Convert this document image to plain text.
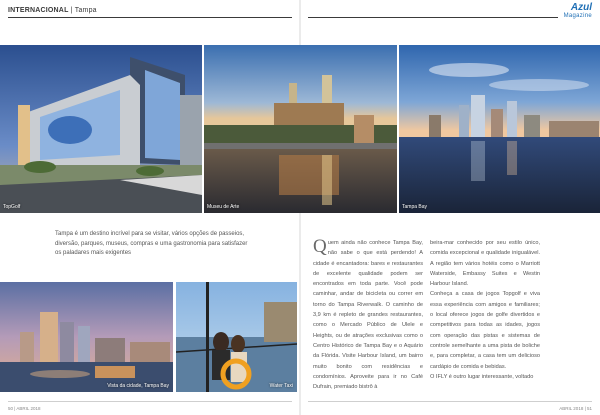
INTERNACIONAL | Tampa	Azul
Magazine
TopGolf	Museu de Arte	Tampa Bay
Tampa é um destino incrível para se visitar, vários opções de passeios, diversão, parques, museus, compras e uma gastronomia para satisfazer os paladares mais exigentes
Vista da cidade, Tampa Bay	Water Taxi
Quem ainda não conhece Tampa Bay, não sabe o que está perdendo! A cidade é encantadora: bares e restaurantes de excelente qualidade podem ser encontrados em toda parte. Você pode caminhar, andar de bicicleta ou correr em torno do Tampa Riverwalk. O caminho de 3,9 km é repleto de grandes restaurantes, como o Mercado Público de Ulele e Heights, ou de atrações exclusivas como o Centro Histórico de Tampa Bay e o Aquário da Flórida. Visite Harbour Island, um bairro muito bonito com residências e condomínios. Aproveite para ir no Café Dufrain, premiado bistrô à
beira-mar conhecido por seu estilo único, comida excepcional e qualidade inigualável. A região tem vários hotéis como o Marriott Waterside, Embassy Suites e Westin Harbour Island.
Conheça a casa de jogos Topgolf e viva essa experiência com amigos e familiares; o local oferece jogos de golfe divertidos e competitivos para todas as idades, jogos com operação das pistas e sistemas de controle semelhante a uma pista de boliche e, para completar, a casa tem um delicioso cardápio de comida e bebidas.
O IFLY é outro lugar interessante, voltado
50 | ABRIL 2018	ABRIL 2018 | 51
